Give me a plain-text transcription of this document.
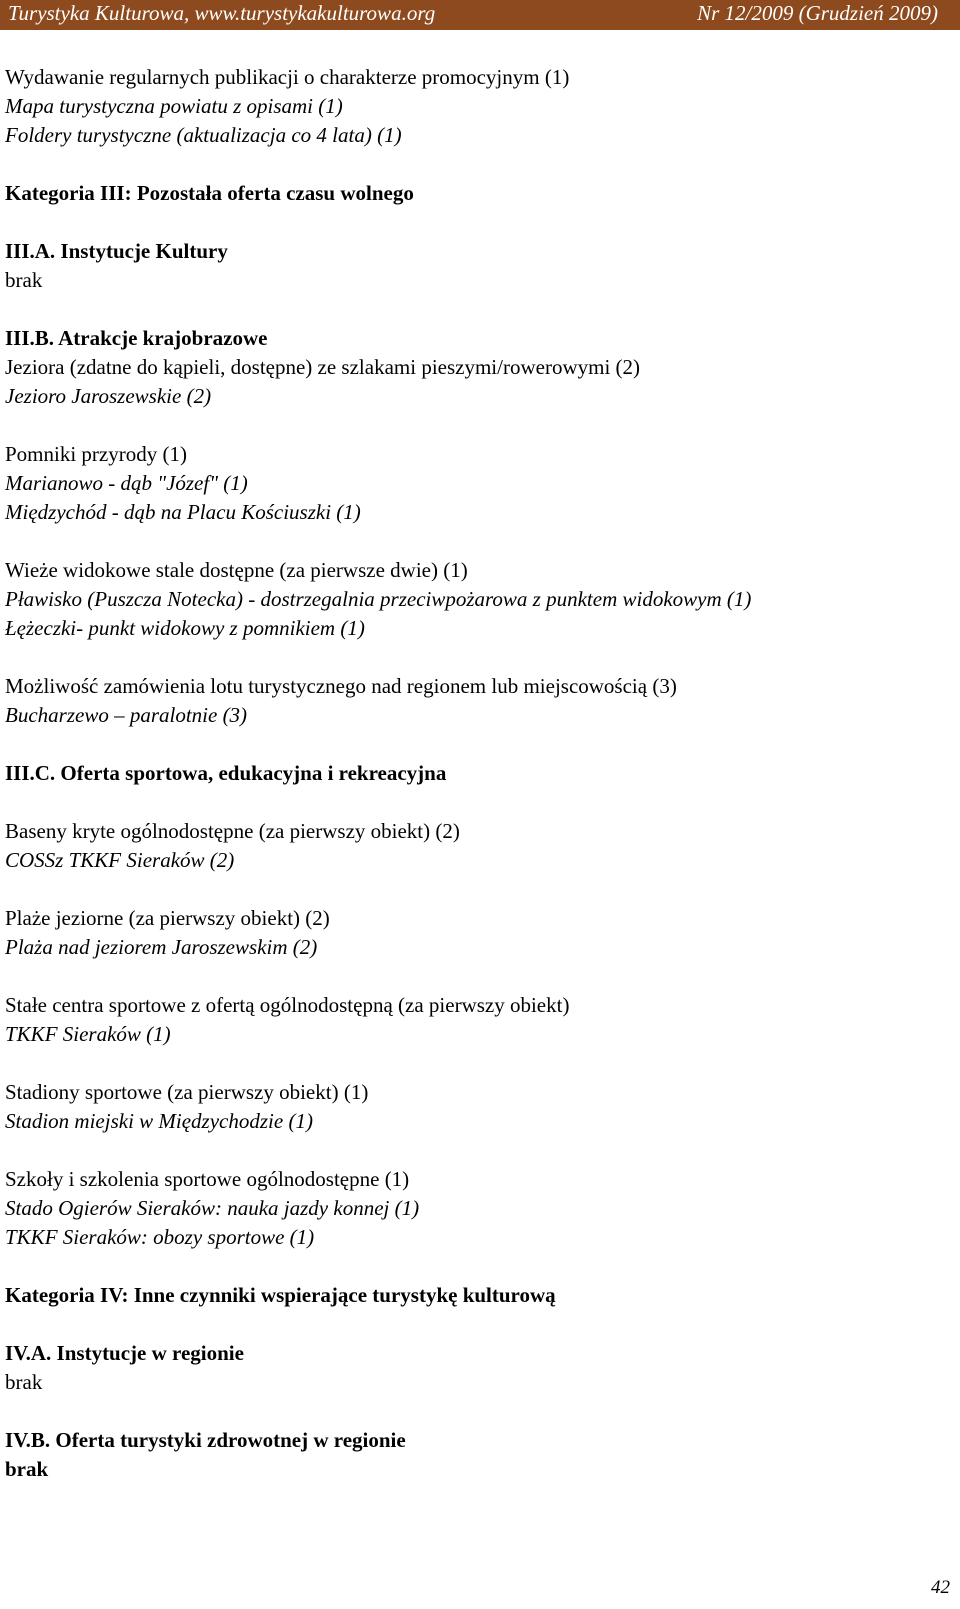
Turystyka Kulturowa, www.turystykakulturowa.org	Nr 12/2009 (Grudzień 2009)
Wydawanie regularnych publikacji o charakterze promocyjnym (1)
Mapa turystyczna powiatu z opisami (1)
Foldery turystyczne (aktualizacja co 4 lata) (1)
Kategoria III: Pozostała oferta czasu wolnego
III.A. Instytucje Kultury
brak
III.B. Atrakcje krajobrazowe
Jeziora (zdatne do kąpieli, dostępne) ze szlakami pieszymi/rowerowymi (2)
Jezioro Jaroszewskie (2)
Pomniki przyrody (1)
Marianowo - dąb "Józef" (1)
Międzychód - dąb na Placu Kościuszki (1)
Wieże widokowe stale dostępne (za pierwsze dwie) (1)
Pławisko (Puszcza Notecka) - dostrzegalnia przeciwpożarowa z punktem widokowym (1)
Łężeczki- punkt widokowy z pomnikiem (1)
Możliwość zamówienia lotu turystycznego nad regionem lub miejscowością (3)
Bucharzewo – paralotnie (3)
III.C. Oferta sportowa, edukacyjna i rekreacyjna
Baseny kryte ogólnodostępne (za pierwszy obiekt) (2)
COSSz TKKF Sieraków (2)
Plaże jeziorne (za pierwszy obiekt) (2)
Plaża nad jeziorem Jaroszewskim (2)
Stałe centra sportowe z ofertą ogólnodostępną (za pierwszy obiekt)
TKKF Sieraków (1)
Stadiony sportowe (za pierwszy obiekt) (1)
Stadion miejski w Międzychodzie (1)
Szkoły i szkolenia sportowe ogólnodostępne (1)
Stado Ogierów Sieraków: nauka jazdy konnej (1)
TKKF Sieraków: obozy sportowe (1)
Kategoria IV: Inne czynniki wspierające turystykę kulturową
IV.A. Instytucje w regionie
brak
IV.B. Oferta turystyki zdrowotnej w regionie
brak
42
